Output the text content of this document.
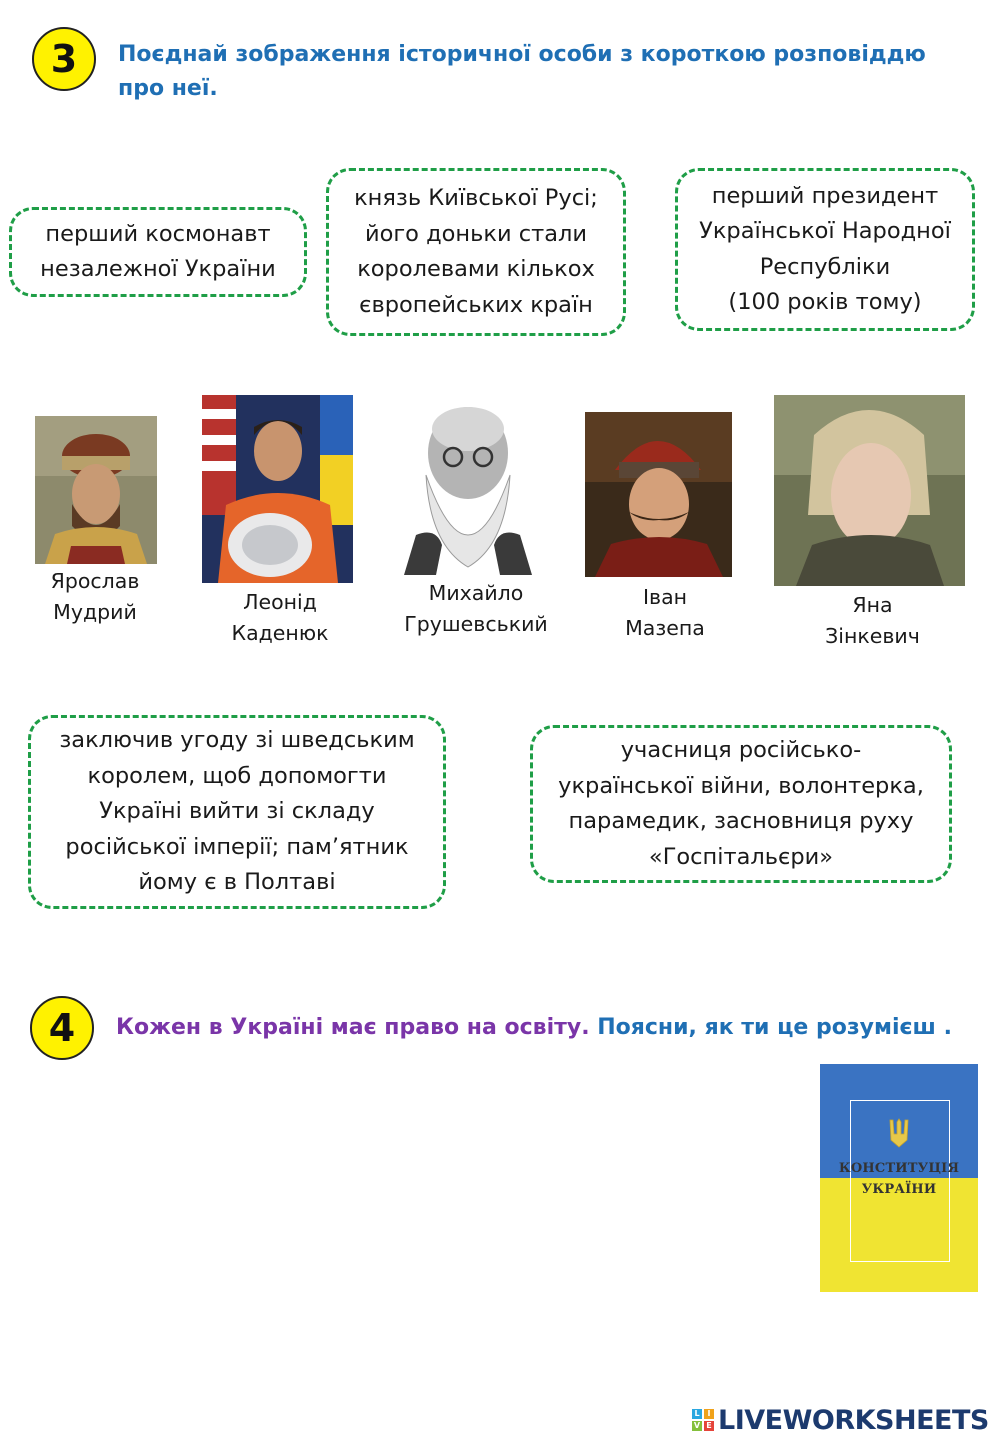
3 Поєднай зображення історичної особи з короткою розповіддю
про неї.
перший космонавт
незалежної України
князь Київської Русі;
його доньки стали
королевами кількох
європейських країн
перший президент
Української Народної
Республіки
(100 років тому)
Ярослав
Мудрий	Леонід
Каденюк
Михайло
Грушевський
Іван
Мазепа
Яна
Зінкевич
заключив угоду зі шведським
королем, щоб допомогти
Україні вийти зі складу
російської імперії; пам’ятник
йому є в Полтаві
учасниця російсько-
української війни, волонтерка,
парамедик, засновниця руху
«Госпітальєри»
4 Кожен в Україні має право на освіту. Поясни, як ти це розумієш .
КОНСТИТУЦІЯ
УКРАЇНИ
L I
V E LIVEWORKSHEETS
